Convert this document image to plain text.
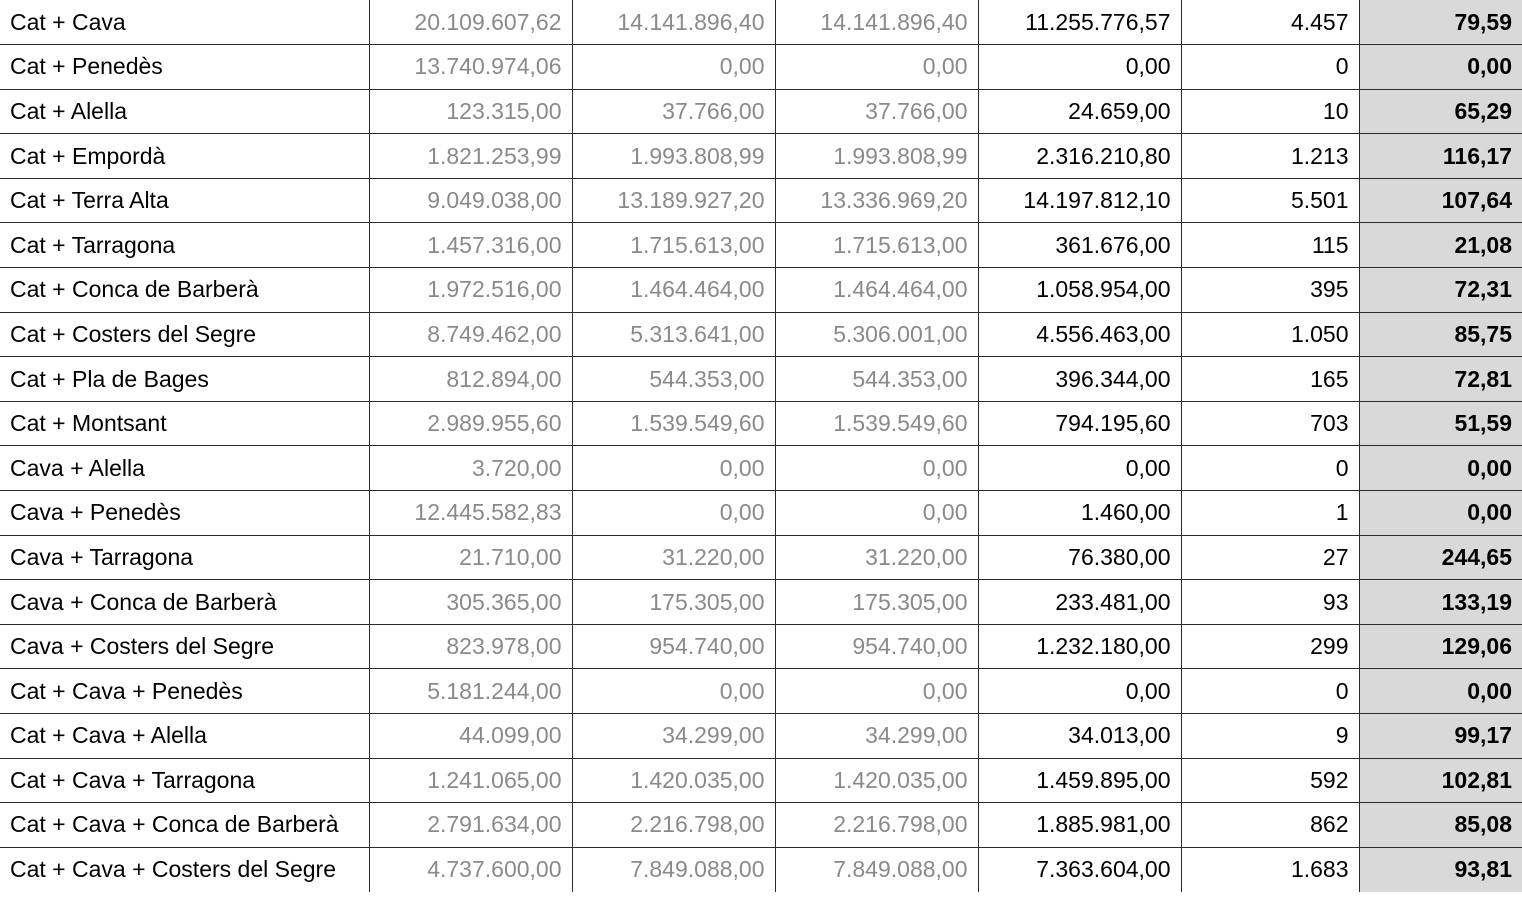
Cat + Cava	20.109.607,62	14.141.896,40	14.141.896,40	11.255.776,57	4.457	79,59
Cat + Penedès	13.740.974,06	0,00	0,00	0,00	0	0,00
Cat + Alella	123.315,00	37.766,00	37.766,00	24.659,00	10	65,29
Cat + Empordà	1.821.253,99	1.993.808,99	1.993.808,99	2.316.210,80	1.213	116,17
Cat + Terra Alta	9.049.038,00	13.189.927,20	13.336.969,20	14.197.812,10	5.501	107,64
Cat + Tarragona	1.457.316,00	1.715.613,00	1.715.613,00	361.676,00	115	21,08
Cat + Conca de Barberà	1.972.516,00	1.464.464,00	1.464.464,00	1.058.954,00	395	72,31
Cat + Costers del Segre	8.749.462,00	5.313.641,00	5.306.001,00	4.556.463,00	1.050	85,75
Cat + Pla de Bages	812.894,00	544.353,00	544.353,00	396.344,00	165	72,81
Cat + Montsant	2.989.955,60	1.539.549,60	1.539.549,60	794.195,60	703	51,59
Cava + Alella	3.720,00	0,00	0,00	0,00	0	0,00
Cava + Penedès	12.445.582,83	0,00	0,00	1.460,00	1	0,00
Cava + Tarragona	21.710,00	31.220,00	31.220,00	76.380,00	27	244,65
Cava + Conca de Barberà	305.365,00	175.305,00	175.305,00	233.481,00	93	133,19
Cava + Costers del Segre	823.978,00	954.740,00	954.740,00	1.232.180,00	299	129,06
Cat + Cava + Penedès	5.181.244,00	0,00	0,00	0,00	0	0,00
Cat + Cava + Alella	44.099,00	34.299,00	34.299,00	34.013,00	9	99,17
Cat + Cava + Tarragona	1.241.065,00	1.420.035,00	1.420.035,00	1.459.895,00	592	102,81
Cat + Cava + Conca de Barberà	2.791.634,00	2.216.798,00	2.216.798,00	1.885.981,00	862	85,08
Cat + Cava + Costers del Segre	4.737.600,00	7.849.088,00	7.849.088,00	7.363.604,00	1.683	93,81
